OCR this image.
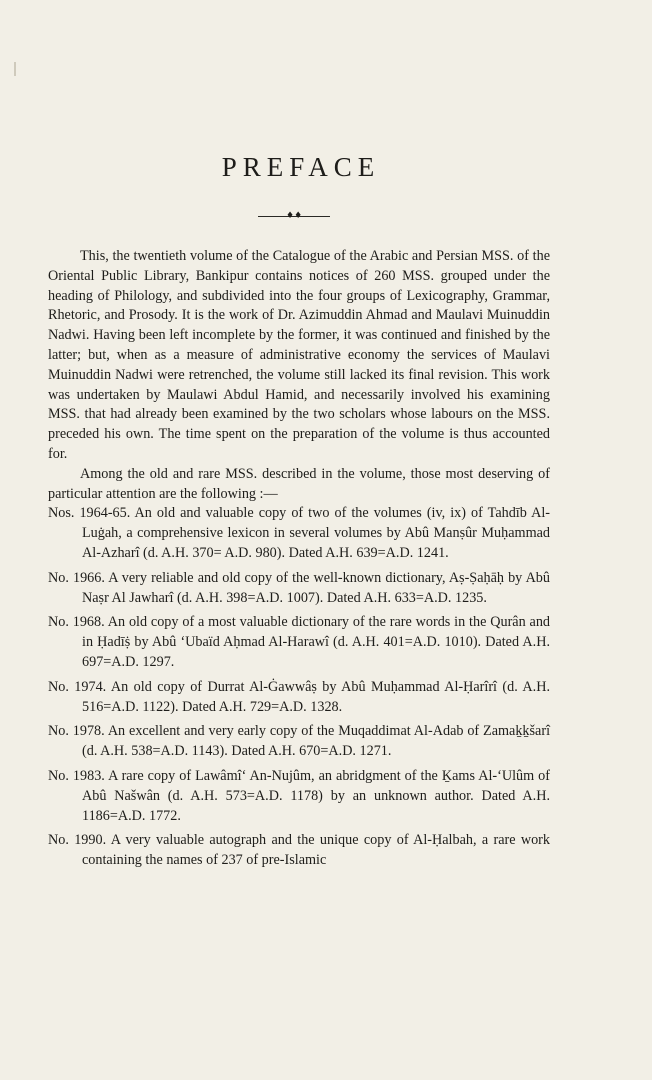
PREFACE
♦♦

This, the twentieth volume of the Catalogue of the Arabic and Persian MSS. of the Oriental Public Library, Bankipur contains notices of 260 MSS. grouped under the heading of Philology, and subdivided into the four groups of Lexicography, Grammar, Rhetoric, and Prosody. It is the work of Dr. Azimuddin Ahmad and Maulavi Muinuddin Nadwi. Having been left incomplete by the former, it was continued and finished by the latter; but, when as a measure of administrative economy the services of Maulavi Muinuddin Nadwi were retrenched, the volume still lacked its final revision. This work was undertaken by Maulawi Abdul Hamid, and necessarily involved his examining MSS. that had already been examined by the two scholars whose labours on the MSS. preceded his own. The time spent on the preparation of the volume is thus accounted for.

Among the old and rare MSS. described in the volume, those most deserving of particular attention are the following :—

Nos. 1964-65. An old and valuable copy of two of the volumes (iv, ix) of Tahdīb Al-Luġah, a comprehensive lexicon in several volumes by Abû Manṣûr Muḥammad Al-Azharî (d. A.H. 370= A.D. 980). Dated A.H. 639=A.D. 1241.

No. 1966. A very reliable and old copy of the well-known dictionary, Aṣ-Ṣaḥāḥ by Abû Naṣr Al Jawharî (d. A.H. 398=A.D. 1007). Dated A.H. 633=A.D. 1235.

No. 1968. An old copy of a most valuable dictionary of the rare words in the Qurân and in Ḥadīṩ by Abû ‘Ubaïd Aḥmad Al-Harawî (d. A.H. 401=A.D. 1010). Dated A.H. 697=A.D. 1297.

No. 1974. An old copy of Durrat Al-Ġawwâṣ by Abû Muḥammad Al-Ḥarîrî (d. A.H. 516=A.D. 1122). Dated A.H. 729=A.D. 1328.

No. 1978. An excellent and very early copy of the Muqaddimat Al-Adab of Zamaḵḵšarî (d. A.H. 538=A.D. 1143). Dated A.H. 670=A.D. 1271.

No. 1983. A rare copy of Lawâmî‘ An-Nujûm, an abridgment of the Ḵams Al-‘Ulûm of Abû Našwân (d. A.H. 573=A.D. 1178) by an unknown author. Dated A.H. 1186=A.D. 1772.

No. 1990. A very valuable autograph and the unique copy of Al-Ḥalbah, a rare work containing the names of 237 of pre-Islamic
